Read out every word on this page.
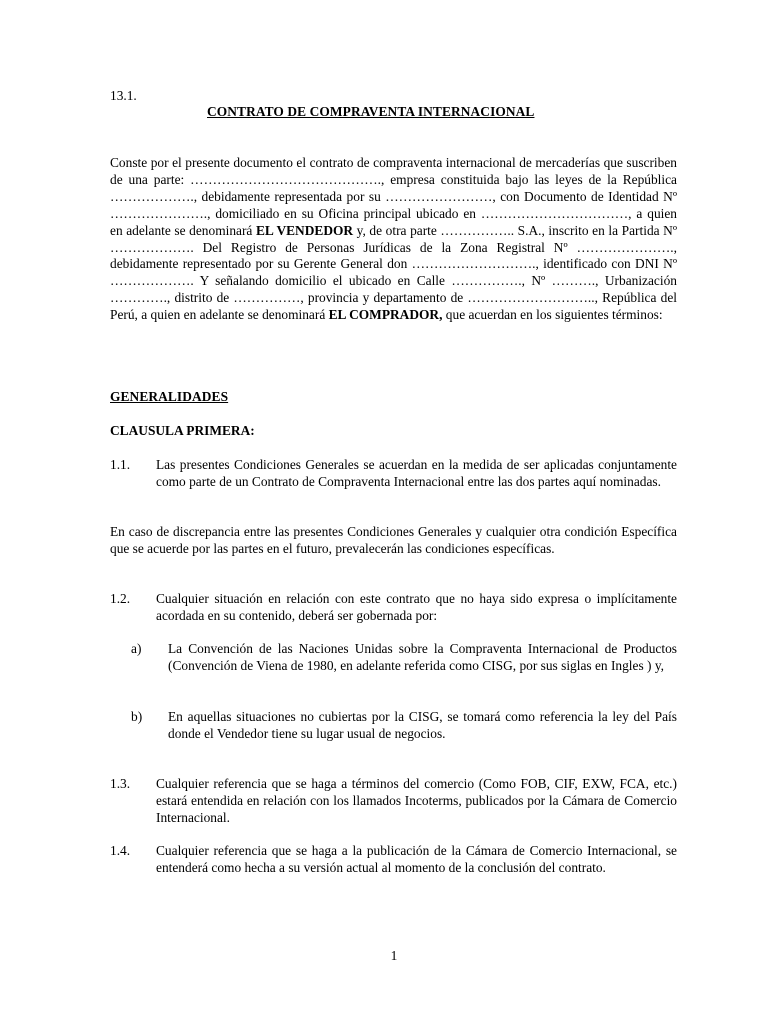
13.1.
CONTRATO DE COMPRAVENTA INTERNACIONAL

Conste por el presente documento el contrato de compraventa internacional de mercaderías que suscriben de una parte: ……………………………………., empresa constituida bajo las leyes de la República ………………., debidamente representada por su ……………………, con Documento de Identidad Nº …………………., domiciliado en su Oficina principal ubicado en ……………………………, a quien en adelante se denominará EL VENDEDOR y, de otra parte …………….. S.A., inscrito en la Partida Nº ………………. Del Registro de Personas Jurídicas de la Zona Registral Nº …………………., debidamente representado por su Gerente General don ………………………., identificado con DNI Nº ………………. Y señalando domicilio el ubicado en Calle ……………., Nº ………., Urbanización …………., distrito de ……………, provincia y departamento de ……………………….., República del Perú, a quien en adelante se denominará EL COMPRADOR, que acuerdan en los siguientes términos:

GENERALIDADES
CLAUSULA PRIMERA:
1.1. Las presentes Condiciones Generales se acuerdan en la medida de ser aplicadas conjuntamente como parte de un Contrato de Compraventa Internacional entre las dos partes aquí nominadas.

En caso de discrepancia entre las presentes Condiciones Generales y cualquier otra condición Específica que se acuerde por las partes en el futuro, prevalecerán las condiciones específicas.

1.2. Cualquier situación en relación con este contrato que no haya sido expresa o implícitamente acordada en su contenido, deberá ser gobernada por:

a) La Convención de las Naciones Unidas sobre la Compraventa Internacional de Productos (Convención de Viena de 1980, en adelante referida como CISG, por sus siglas en Ingles ) y,

b) En aquellas situaciones no cubiertas por la CISG, se tomará como referencia la ley del País donde el Vendedor tiene su lugar usual de negocios.

1.3. Cualquier referencia que se haga a términos del comercio (Como FOB, CIF, EXW, FCA, etc.) estará entendida en relación con los llamados Incoterms, publicados por la Cámara de Comercio Internacional.

1.4. Cualquier referencia que se haga a la publicación de la Cámara de Comercio Internacional, se entenderá como hecha a su versión actual al momento de la conclusión del contrato.

1
